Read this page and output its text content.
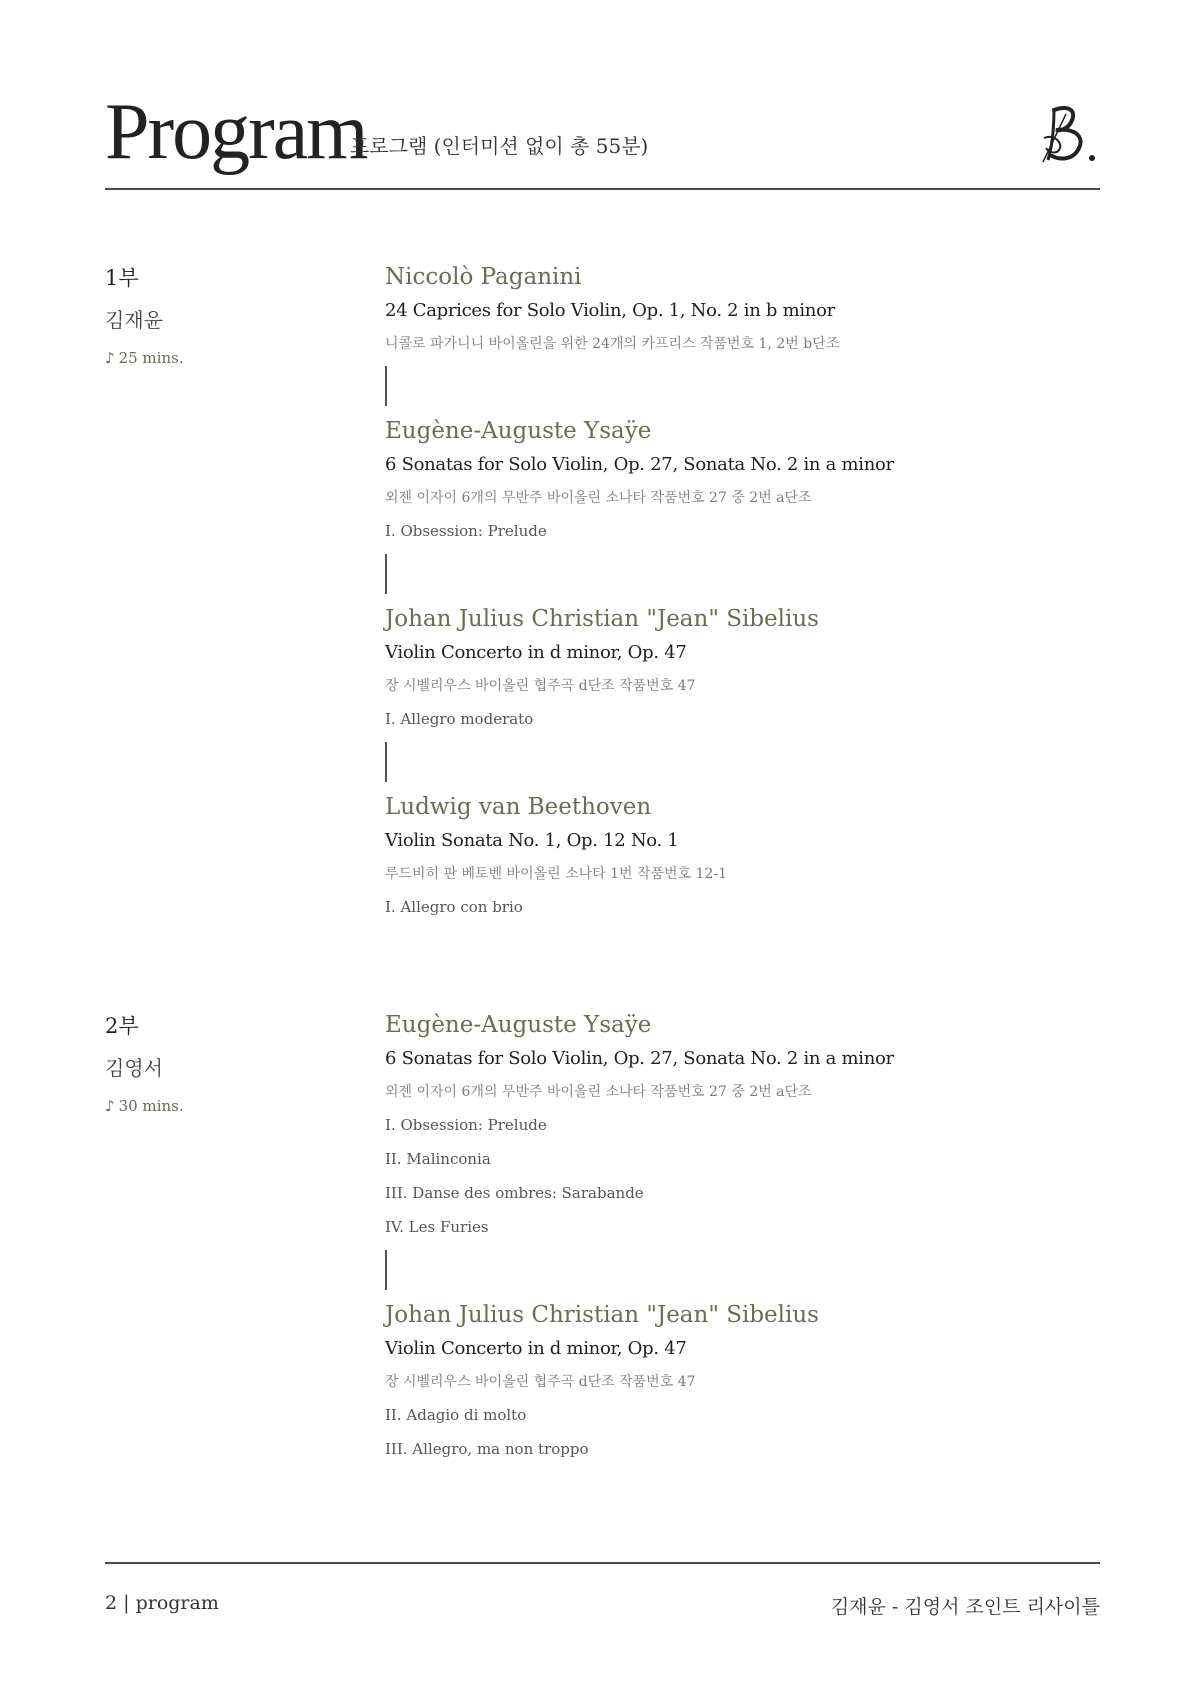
Program
프로그램 (인터미션 없이 총 55분)
1부
김재윤
♪ 25 mins.
Niccolò Paganini
24 Caprices for Solo Violin, Op. 1, No. 2 in b minor
니콜로 파가니니 바이올린을 위한 24개의 카프리스 작품번호 1, 2번 b단조
Eugène-Auguste Ysaÿe
6 Sonatas for Solo Violin, Op. 27, Sonata No. 2 in a minor
외젠 이자이 6개의 무반주 바이올린 소나타 작품번호 27 중 2번 a단조
I. Obsession: Prelude
Johan Julius Christian "Jean" Sibelius
Violin Concerto in d minor, Op. 47
장 시벨리우스 바이올린 협주곡 d단조 작품번호 47
I. Allegro moderato
Ludwig van Beethoven
Violin Sonata No. 1, Op. 12 No. 1
루드비히 판 베토벤 바이올린 소나타 1번 작품번호 12-1
I. Allegro con brio
2부
김영서
♪ 30 mins.
Eugène-Auguste Ysaÿe
6 Sonatas for Solo Violin, Op. 27, Sonata No. 2 in a minor
외젠 이자이 6개의 무반주 바이올린 소나타 작품번호 27 중 2번 a단조
I. Obsession: Prelude
II. Malinconia
III. Danse des ombres: Sarabande
IV. Les Furies
Johan Julius Christian "Jean" Sibelius
Violin Concerto in d minor, Op. 47
장 시벨리우스 바이올린 협주곡 d단조 작품번호 47
II. Adagio di molto
III. Allegro, ma non troppo
2 | program	김재윤 - 김영서 조인트 리사이틀
